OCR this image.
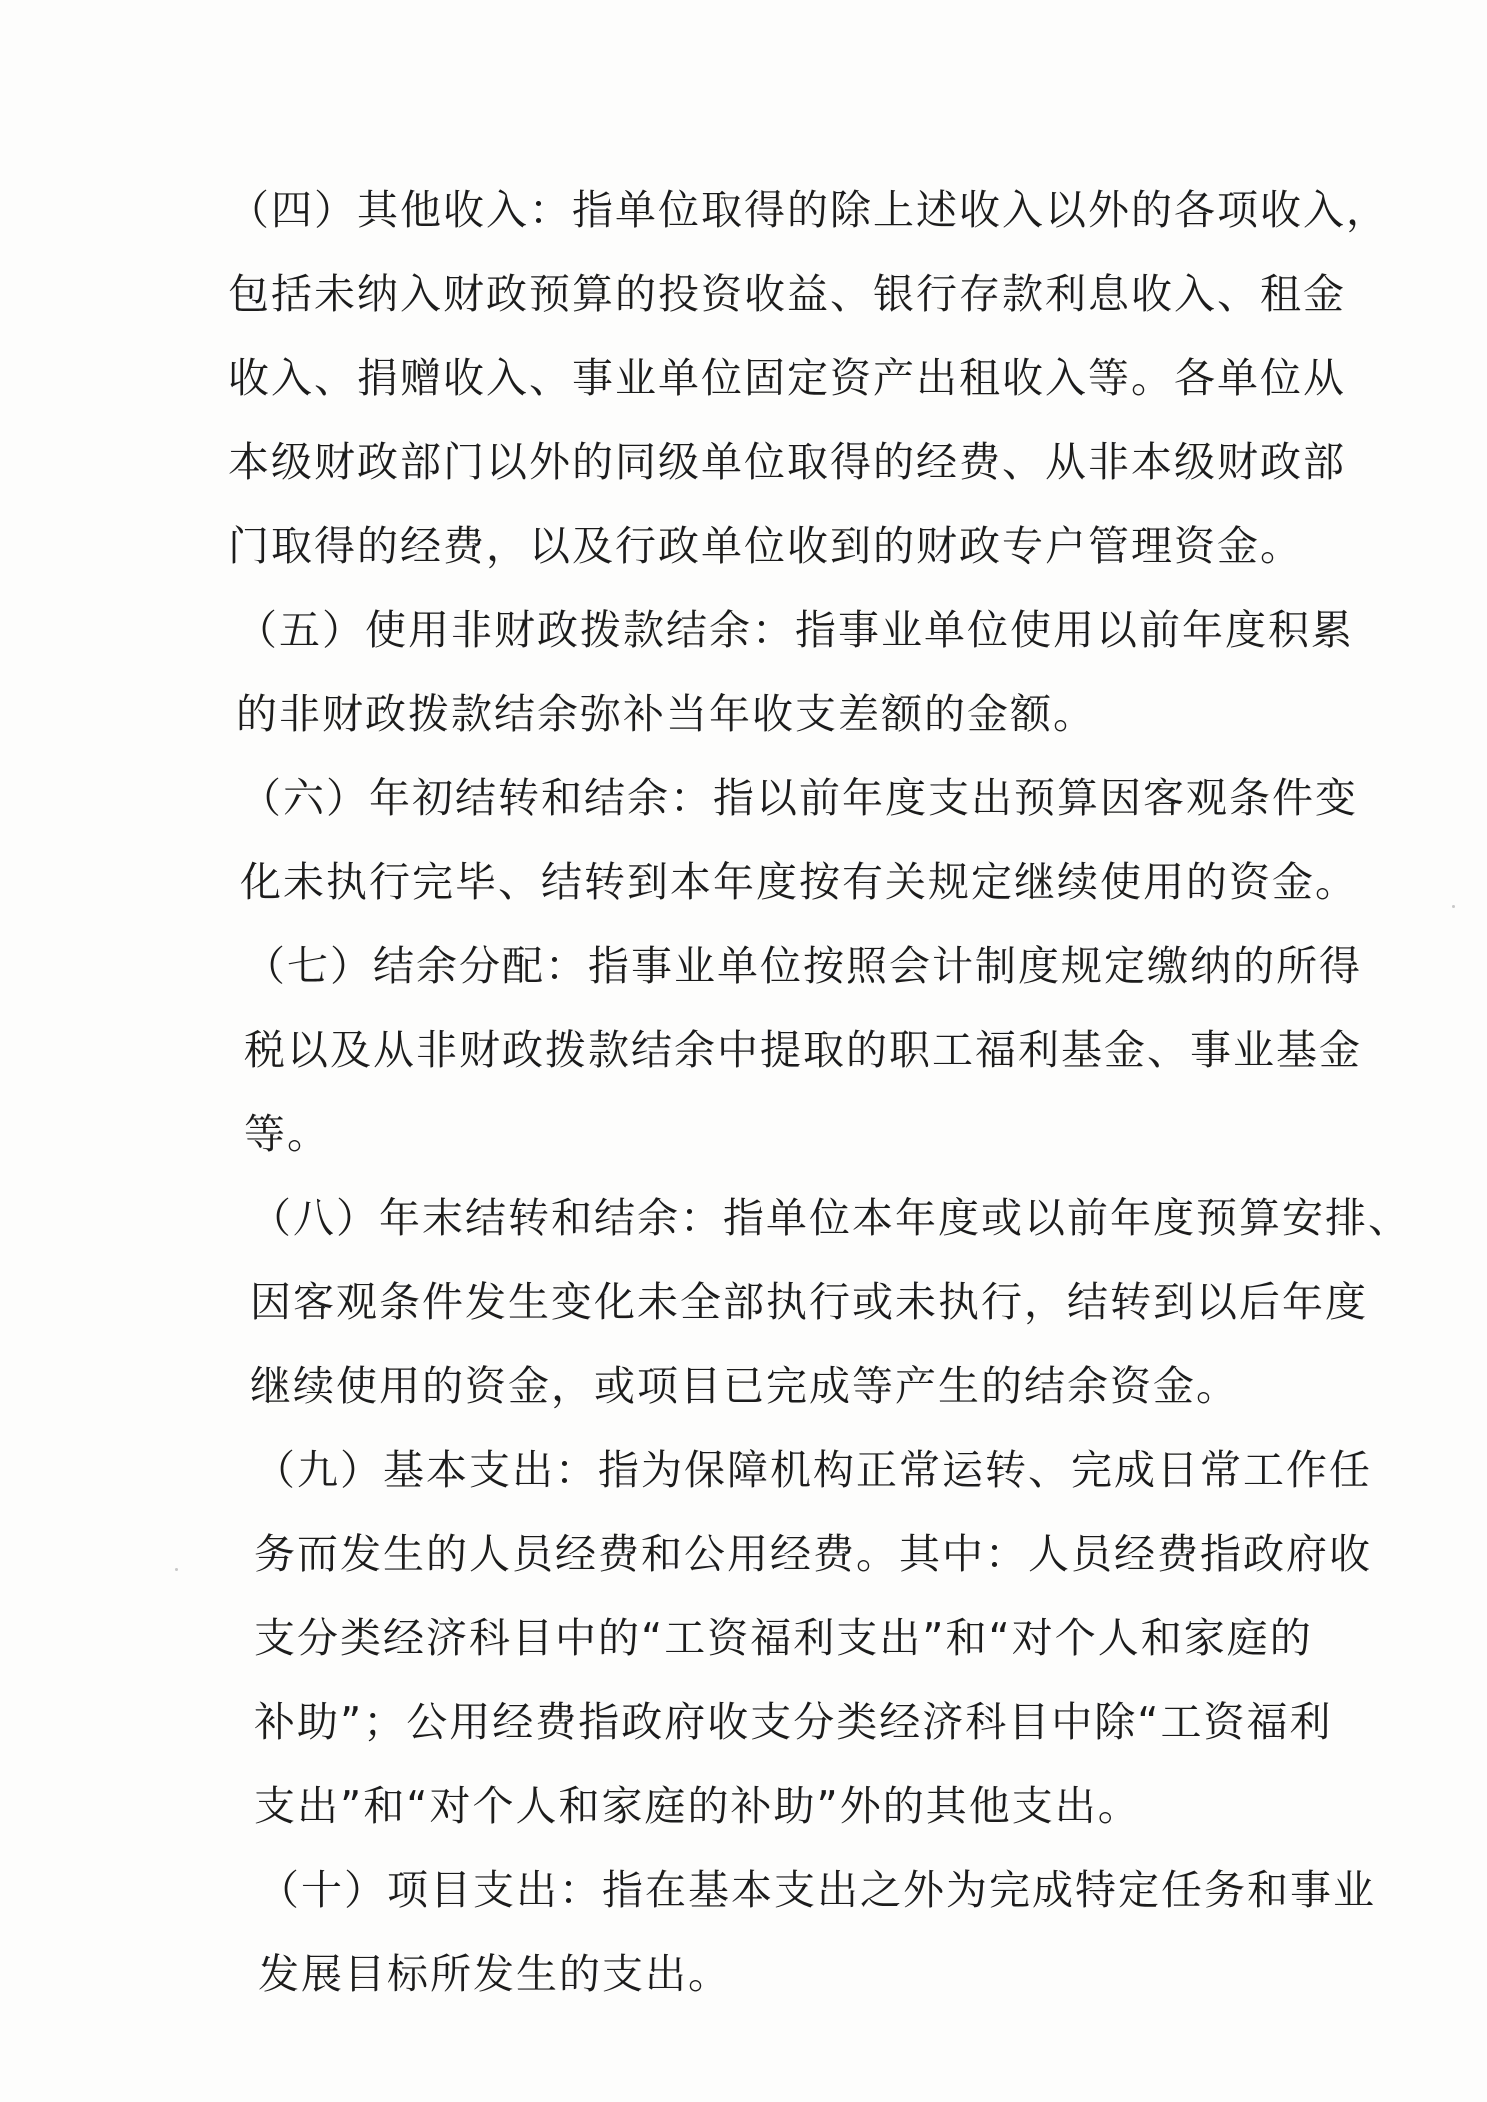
（四）其他收入：指单位取得的除上述收入以外的各项收入，
包括未纳入财政预算的投资收益、银行存款利息收入、租金
收入、捐赠收入、事业单位固定资产出租收入等。各单位从
本级财政部门以外的同级单位取得的经费、从非本级财政部
门取得的经费，以及行政单位收到的财政专户管理资金。
（五）使用非财政拨款结余：指事业单位使用以前年度积累
的非财政拨款结余弥补当年收支差额的金额。
（六）年初结转和结余：指以前年度支出预算因客观条件变
化未执行完毕、结转到本年度按有关规定继续使用的资金。
（七）结余分配：指事业单位按照会计制度规定缴纳的所得
税以及从非财政拨款结余中提取的职工福利基金、事业基金
等。
（八）年末结转和结余：指单位本年度或以前年度预算安排、
因客观条件发生变化未全部执行或未执行，结转到以后年度
继续使用的资金，或项目已完成等产生的结余资金。
（九）基本支出：指为保障机构正常运转、完成日常工作任
务而发生的人员经费和公用经费。其中：人员经费指政府收
支分类经济科目中的“工资福利支出”和“对个人和家庭的
补助”；公用经费指政府收支分类经济科目中除“工资福利
支出”和“对个人和家庭的补助”外的其他支出。
（十）项目支出：指在基本支出之外为完成特定任务和事业
发展目标所发生的支出。
